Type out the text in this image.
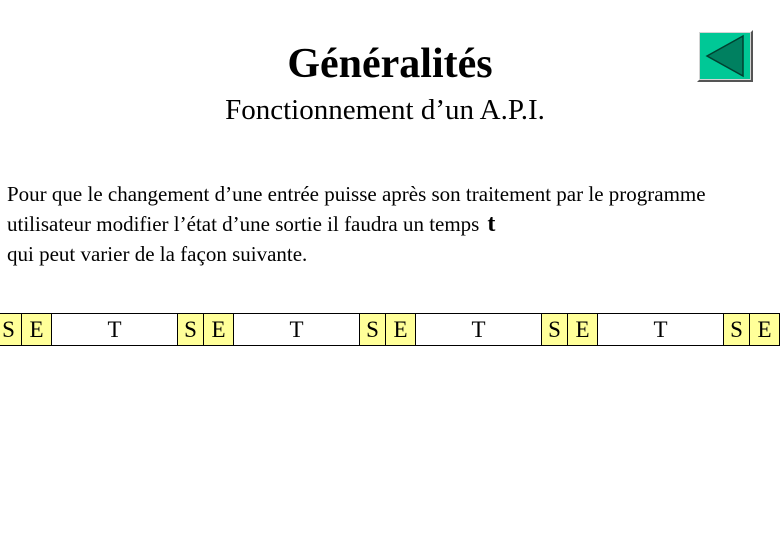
Généralités
Fonctionnement d’un A.P.I.
Pour que le changement d’une entrée puisse après son traitement par le programme utilisateur modifier l’état d’une sortie il faudra un temps t
qui peut varier de la façon suivante.
S E	T	S E	T	S E	T	S E	T	S E
